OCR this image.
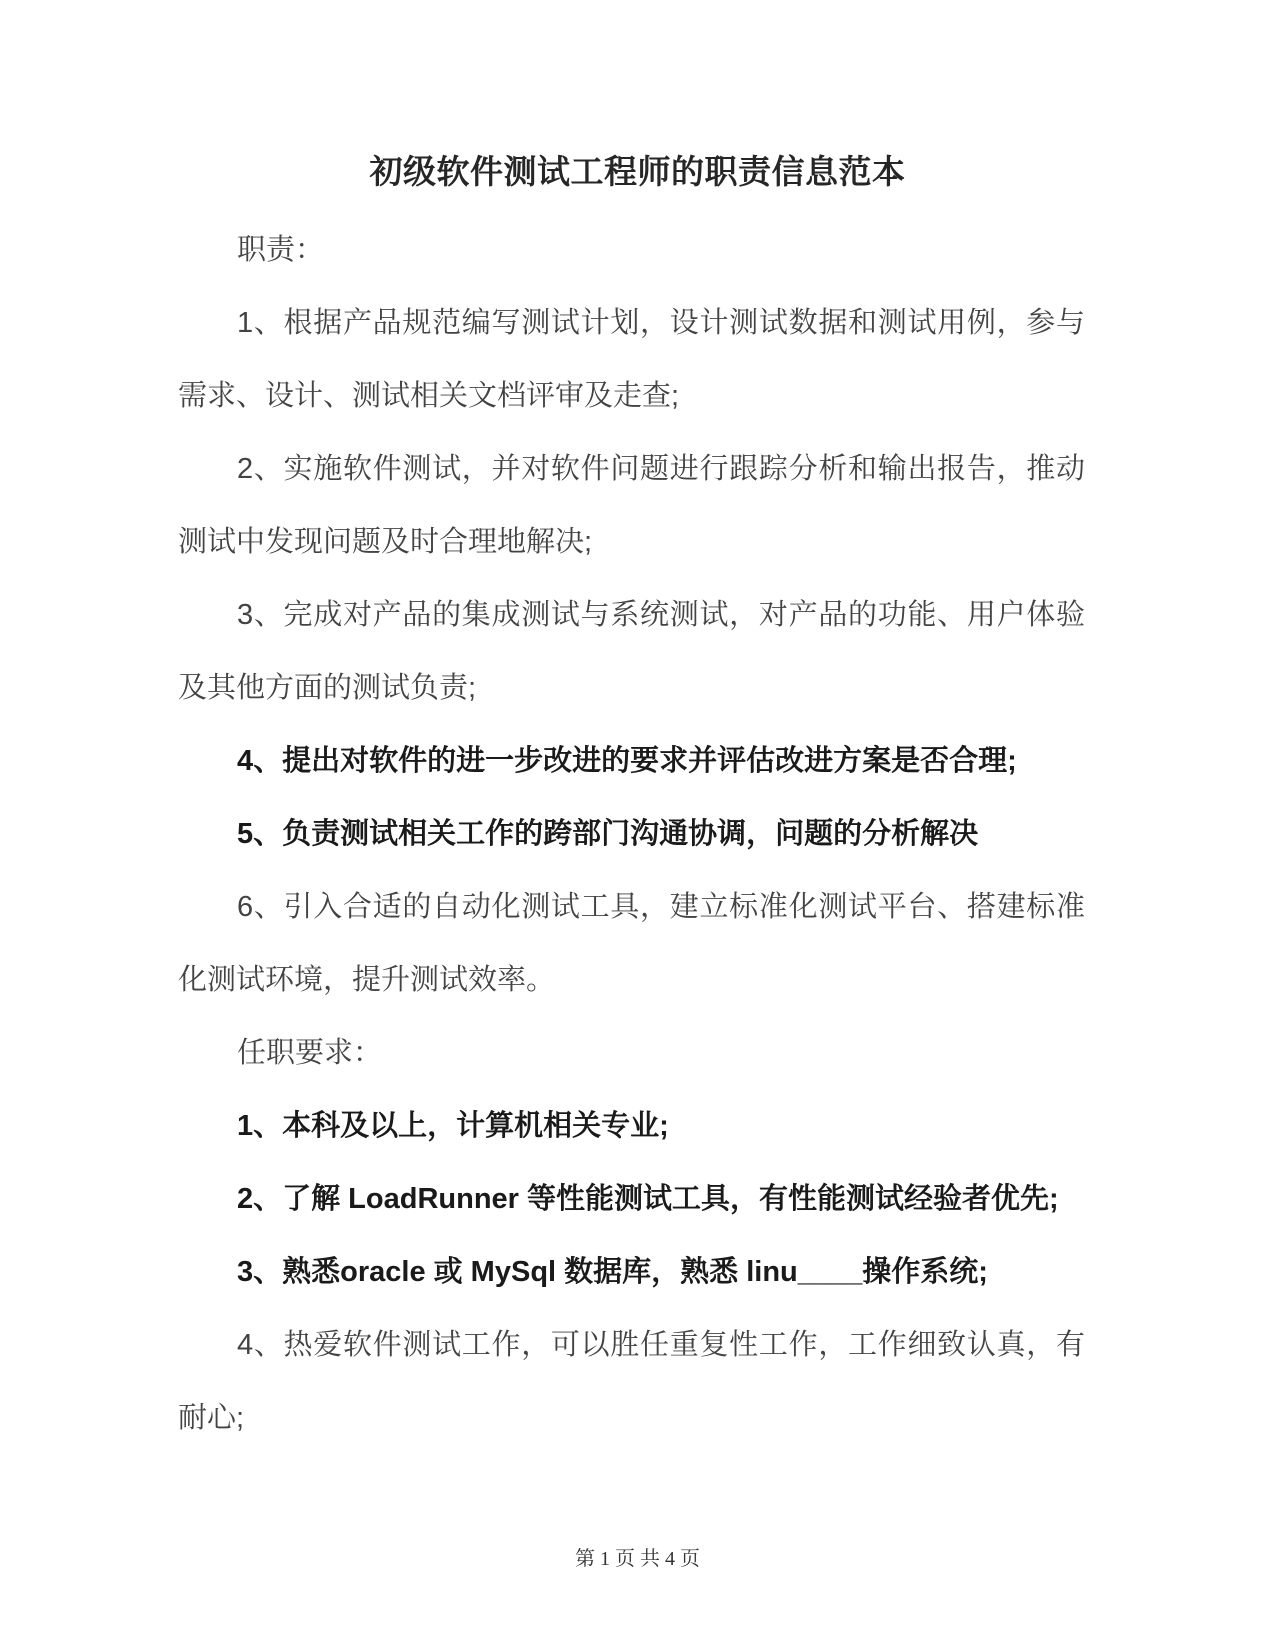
初级软件测试工程师的职责信息范本

职责：

1、根据产品规范编写测试计划，设计测试数据和测试用例，参与需求、设计、测试相关文档评审及走查;

2、实施软件测试，并对软件问题进行跟踪分析和输出报告，推动测试中发现问题及时合理地解决;

3、完成对产品的集成测试与系统测试，对产品的功能、用户体验及其他方面的测试负责;

4、提出对软件的进一步改进的要求并评估改进方案是否合理;

5、负责测试相关工作的跨部门沟通协调，问题的分析解决

6、引入合适的自动化测试工具，建立标准化测试平台、搭建标准化测试环境，提升测试效率。

任职要求：

1、本科及以上，计算机相关专业;

2、了解 LoadRunner 等性能测试工具，有性能测试经验者优先;

3、熟悉oracle 或 MySql 数据库，熟悉 linu____操作系统;

4、热爱软件测试工作，可以胜任重复性工作，工作细致认真，有耐心;

第 1 页 共 4 页
